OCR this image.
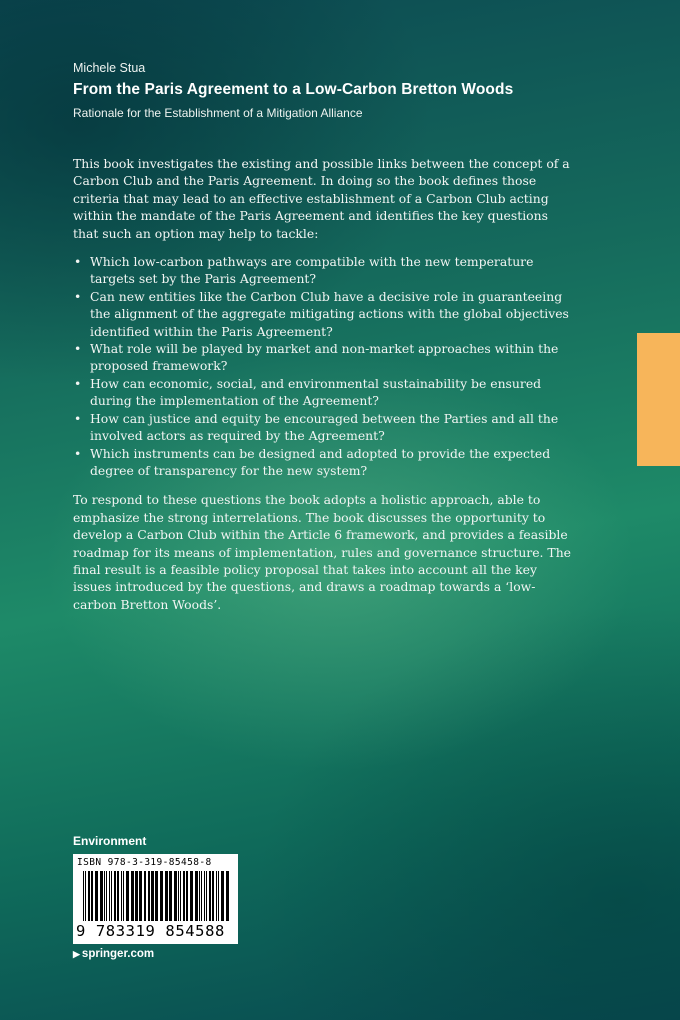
Michele Stua
From the Paris Agreement to a Low-Carbon Bretton Woods
Rationale for the Establishment of a Mitigation Alliance

This book investigates the existing and possible links between the concept of a Carbon Club and the Paris Agreement. In doing so the book defines those criteria that may lead to an effective establishment of a Carbon Club acting within the mandate of the Paris Agreement and identifies the key questions that such an option may help to tackle:

• Which low-carbon pathways are compatible with the new temperature targets set by the Paris Agreement?
• Can new entities like the Carbon Club have a decisive role in guaranteeing the alignment of the aggregate mitigating actions with the global objectives identified within the Paris Agreement?
• What role will be played by market and non-market approaches within the proposed framework?
• How can economic, social, and environmental sustainability be ensured during the implementation of the Agreement?
• How can justice and equity be encouraged between the Parties and all the involved actors as required by the Agreement?
• Which instruments can be designed and adopted to provide the expected degree of transparency for the new system?

To respond to these questions the book adopts a holistic approach, able to emphasize the strong interrelations. The book discusses the opportunity to develop a Carbon Club within the Article 6 framework, and provides a feasible roadmap for its means of implementation, rules and governance structure. The final result is a feasible policy proposal that takes into account all the key issues introduced by the questions, and draws a roadmap towards a ‘low-carbon Bretton Woods’.

Environment
ISBN 978-3-319-85458-8
9 783319 854588
▶ springer.com
